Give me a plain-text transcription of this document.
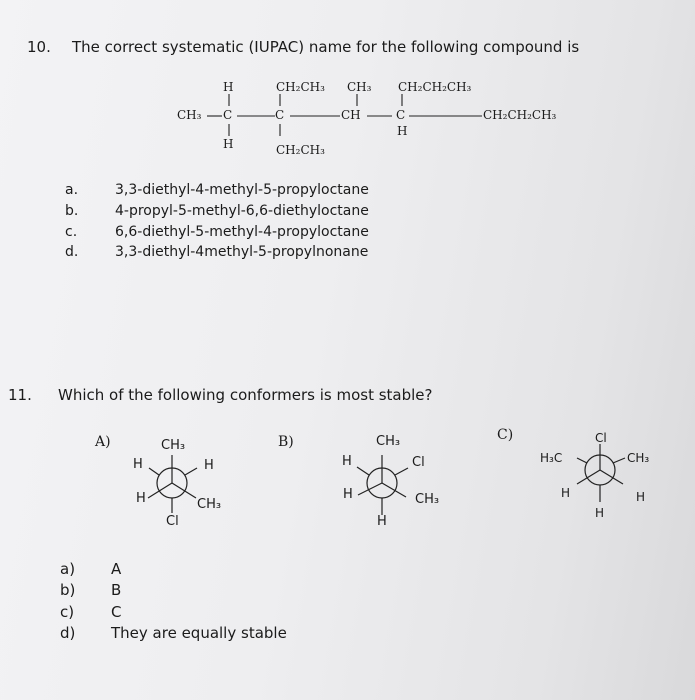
10. The correct systematic (IUPAC) name for the following compound is
H
CH₃ C
H
CH₂CH₃
C
CH₂CH₃
CH₃
CH
CH₂CH₂CH₃
C
H
CH₂CH₂CH₃
a.	3,3-diethyl-4-methyl-5-propyloctane
b.	4-propyl-5-methyl-6,6-diethyloctane
c.	6,6-diethyl-5-methyl-4-propyloctane
d.	3,3-diethyl-4methyl-5-propylnonane
11. Which of the following conformers is most stable?
A)	CH₃
H	H
H	CH₃
Cl
B)	CH₃
H	Cl
H	CH₃
H
C)	Cl
H₃C	CH₃
H	H
H
a) A
b) B
c) C
d) They are equally stable
